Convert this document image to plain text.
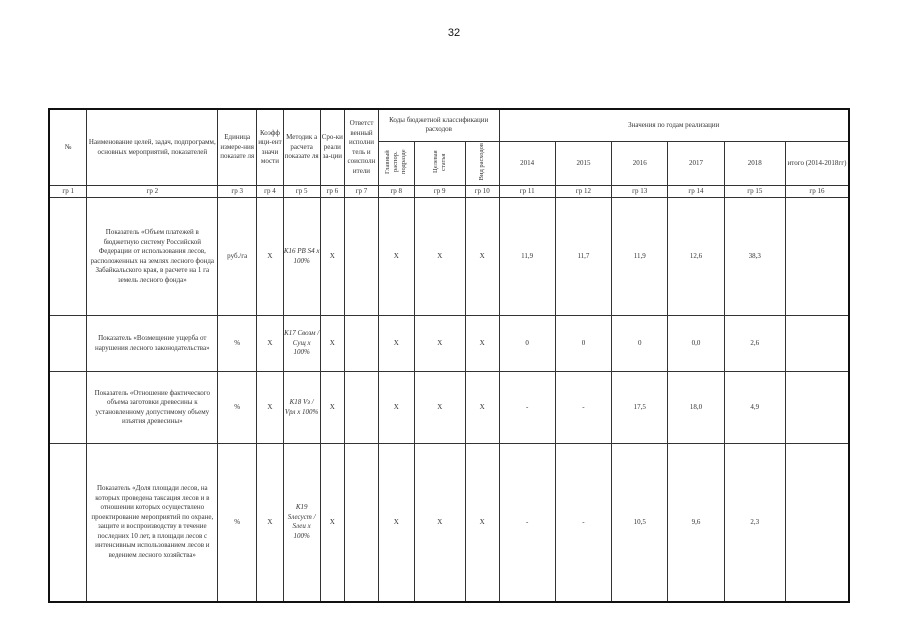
32
№	Наименование целей, задач, подпрограмм, основных мероприятий, показателей	Единица измере-ния показате ля	Коэфф ици-ент значи мости	Методик а расчета показате ля	Сро-ки реали за-ции	Ответст венный исполни тель и соисполн ители	Коды бюджетной классификации расходов			Значения по годам реализации					
							Главный распор. подразде	Целевая статья	Вид расходов	2014	2015	2016	2017	2018	итого (2014-2018гг)
гр 1	гр 2	гр 3	гр 4	гр 5	гр 6	гр 7	гр 8	гр 9	гр 10	гр 11	гр 12	гр 13	гр 14	гр 15	гр 16
	Показатель «Объем платежей в бюджетную систему Российской Федерации от использования лесов, расположенных на землях лесного фонда Забайкальского края, в расчете на 1 га земель лесного фонда»	руб./га	X	K16 PB S4 x 100%	X		X	X	X	11,9	11,7	11,9	12,6	38,3	
	Показатель «Возмещение ущерба от нарушения лесного законодательства»	%	X	K17 Cвозм / Cущ x 100%	X		X	X	X	0	0	0	0,0	2,6	
	Показатель «Отношение фактического объема заготовки древесины к установленному допустимому объему изъятия древесины»	%	X	K18 Vз / Vрл x 100%	X		X	X	X	-	-	17,5	18,0	4,9	
	Показатель «Доля площади лесов, на которых проведена таксация лесов и в отношении которых осуществлено проектирование мероприятий по охране, защите и воспроизводству в течение последних 10 лет, в площади лесов с интенсивным использованием лесов и ведением лесного хозяйства»	%	X	K19 Sлесуст / Sлеи x 100%	X		X	X	X	-	-	10,5	9,6	2,3	
